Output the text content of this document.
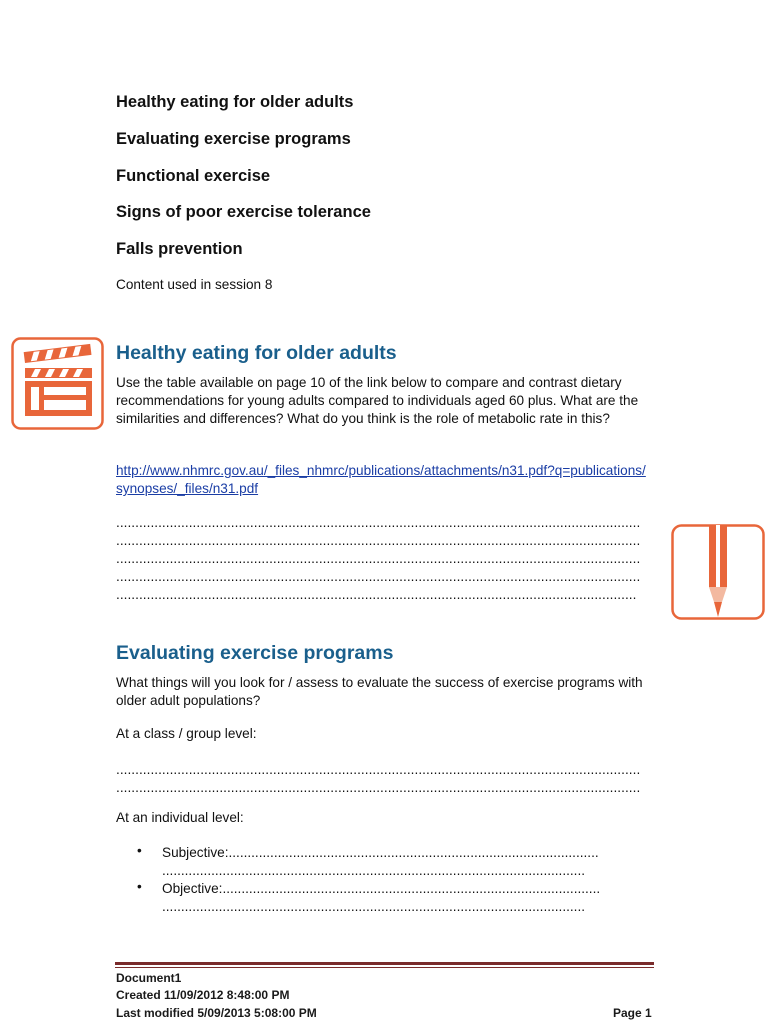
Healthy eating for older adults
Evaluating exercise programs
Functional exercise
Signs of poor exercise tolerance
Falls prevention
Content used in session 8
Healthy eating for older adults
Use the table available on page 10 of the link below to compare and contrast dietary recommendations for young adults compared to individuals aged 60 plus. What are the similarities and differences? What do you think is the role of metabolic rate in this?
http://www.nhmrc.gov.au/_files_nhmrc/publications/attachments/n31.pdf?q=publications/synopses/_files/n31.pdf
.........................................................................................................................................
.........................................................................................................................................
.........................................................................................................................................
.........................................................................................................................................
........................................................................................................................................
Evaluating exercise programs
What things will you look for / assess to evaluate the success of exercise programs with older adult populations?
At a class / group level:
.........................................................................................................................................
.........................................................................................................................................
At an individual level:
• Subjective:..................................................................................................
................................................................................................................
• Objective:....................................................................................................
................................................................................................................
Document1
Created 11/09/2012 8:48:00 PM
Last modified 5/09/2013 5:08:00 PM	Page 1
